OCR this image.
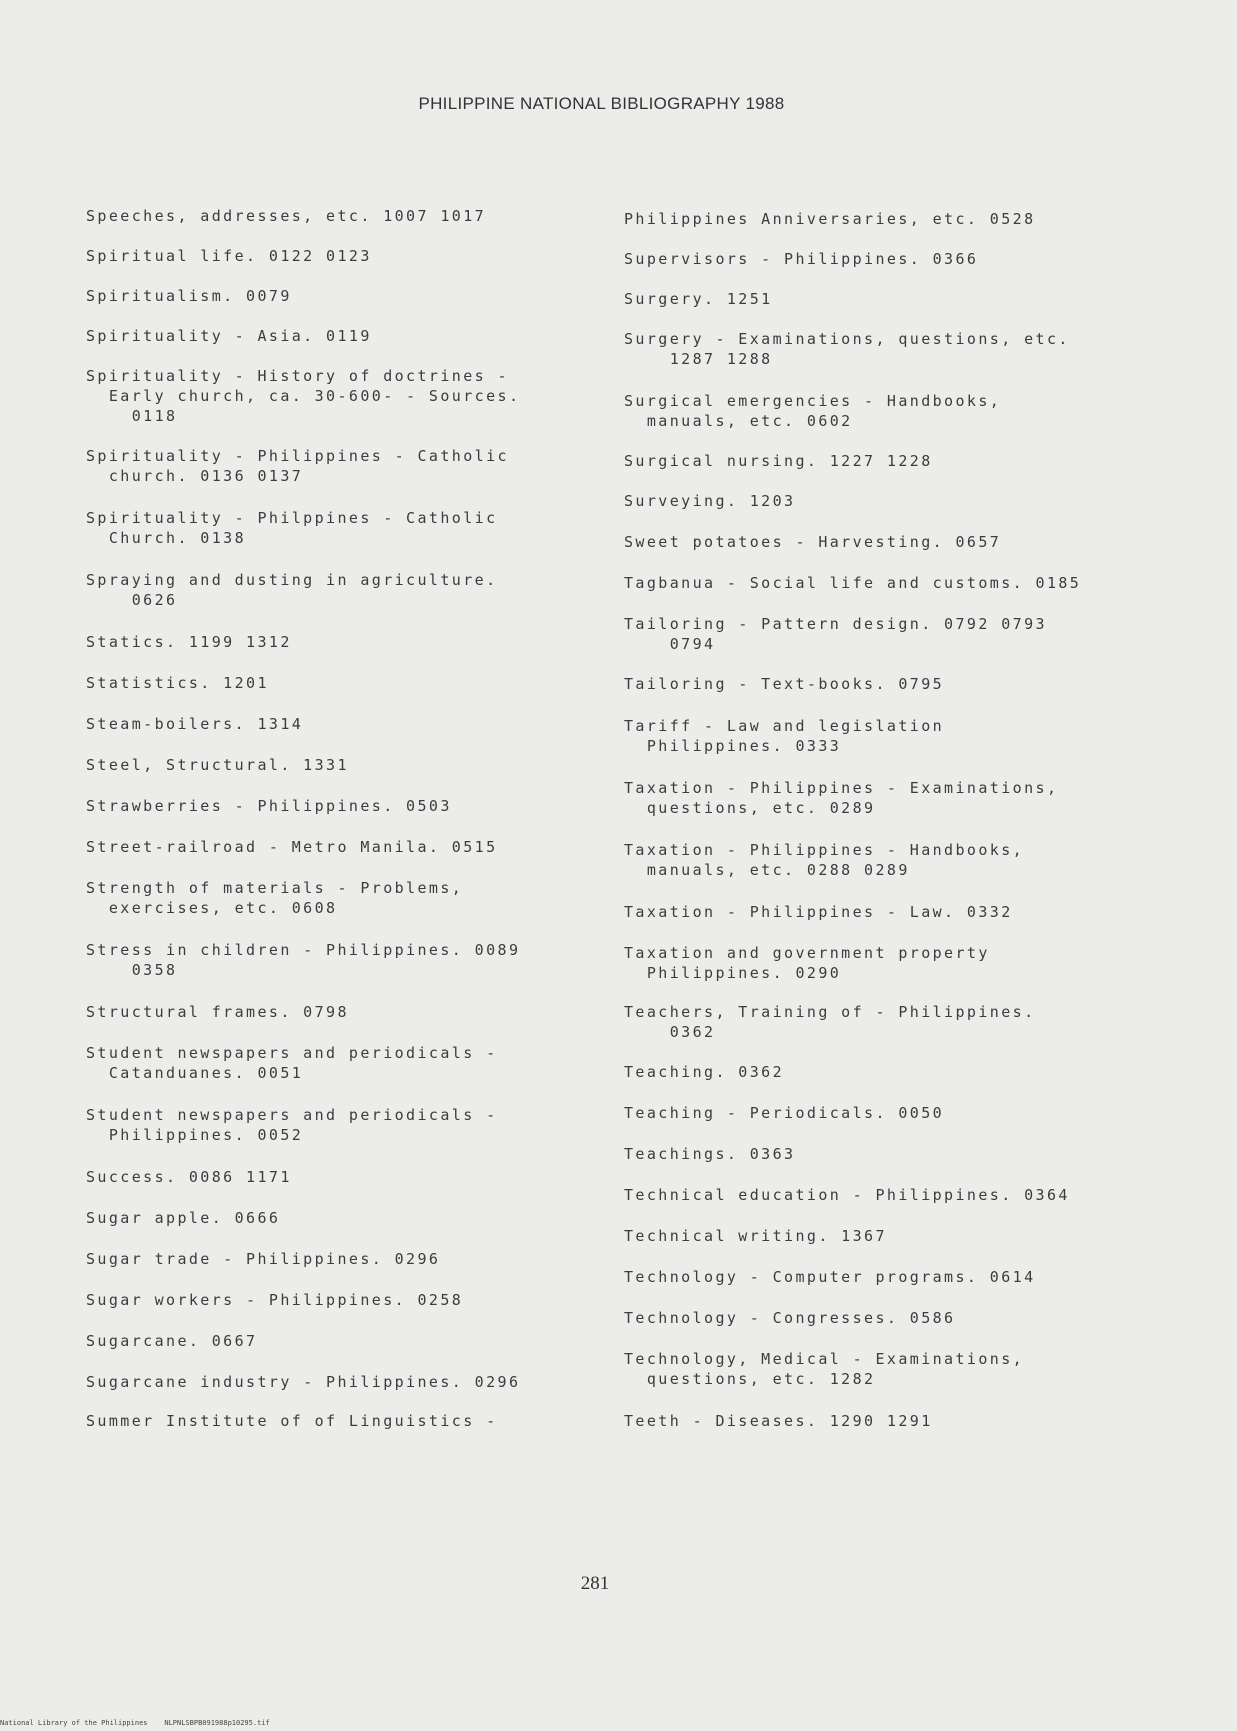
PHILIPPINE NATIONAL BIBLIOGRAPHY 1988
Speeches, addresses, etc. 1007 1017
Spiritual life. 0122 0123
Spiritualism. 0079
Spirituality - Asia. 0119
Spirituality - History of doctrines -
Early church, ca. 30-600- - Sources.
0118
Spirituality - Philippines - Catholic
church. 0136 0137
Spirituality - Philppines - Catholic
Church. 0138
Spraying and dusting in agriculture.
0626
Statics. 1199 1312
Statistics. 1201
Steam-boilers. 1314
Steel, Structural. 1331
Strawberries - Philippines. 0503
Street-railroad - Metro Manila. 0515
Strength of materials - Problems,
exercises, etc. 0608
Stress in children - Philippines. 0089
0358
Structural frames. 0798
Student newspapers and periodicals -
Catanduanes. 0051
Student newspapers and periodicals -
Philippines. 0052
Success. 0086 1171
Sugar apple. 0666
Sugar trade - Philippines. 0296
Sugar workers - Philippines. 0258
Sugarcane. 0667
Sugarcane industry - Philippines. 0296
Summer Institute of of Linguistics -
Philippines Anniversaries, etc. 0528
Supervisors - Philippines. 0366
Surgery. 1251
Surgery - Examinations, questions, etc.
1287 1288
Surgical emergencies - Handbooks,
manuals, etc. 0602
Surgical nursing. 1227 1228
Surveying. 1203
Sweet potatoes - Harvesting. 0657
Tagbanua - Social life and customs. 0185
Tailoring - Pattern design. 0792 0793
0794
Tailoring - Text-books. 0795
Tariff - Law and legislation
Philippines. 0333
Taxation - Philippines - Examinations,
questions, etc. 0289
Taxation - Philippines - Handbooks,
manuals, etc. 0288 0289
Taxation - Philippines - Law. 0332
Taxation and government property
Philippines. 0290
Teachers, Training of - Philippines.
0362
Teaching. 0362
Teaching - Periodicals. 0050
Teachings. 0363
Technical education - Philippines. 0364
Technical writing. 1367
Technology - Computer programs. 0614
Technology - Congresses. 0586
Technology, Medical - Examinations,
questions, etc. 1282
Teeth - Diseases. 1290 1291
281
National Library of the Philippines    NLPNLSBPB091988p10295.tif
